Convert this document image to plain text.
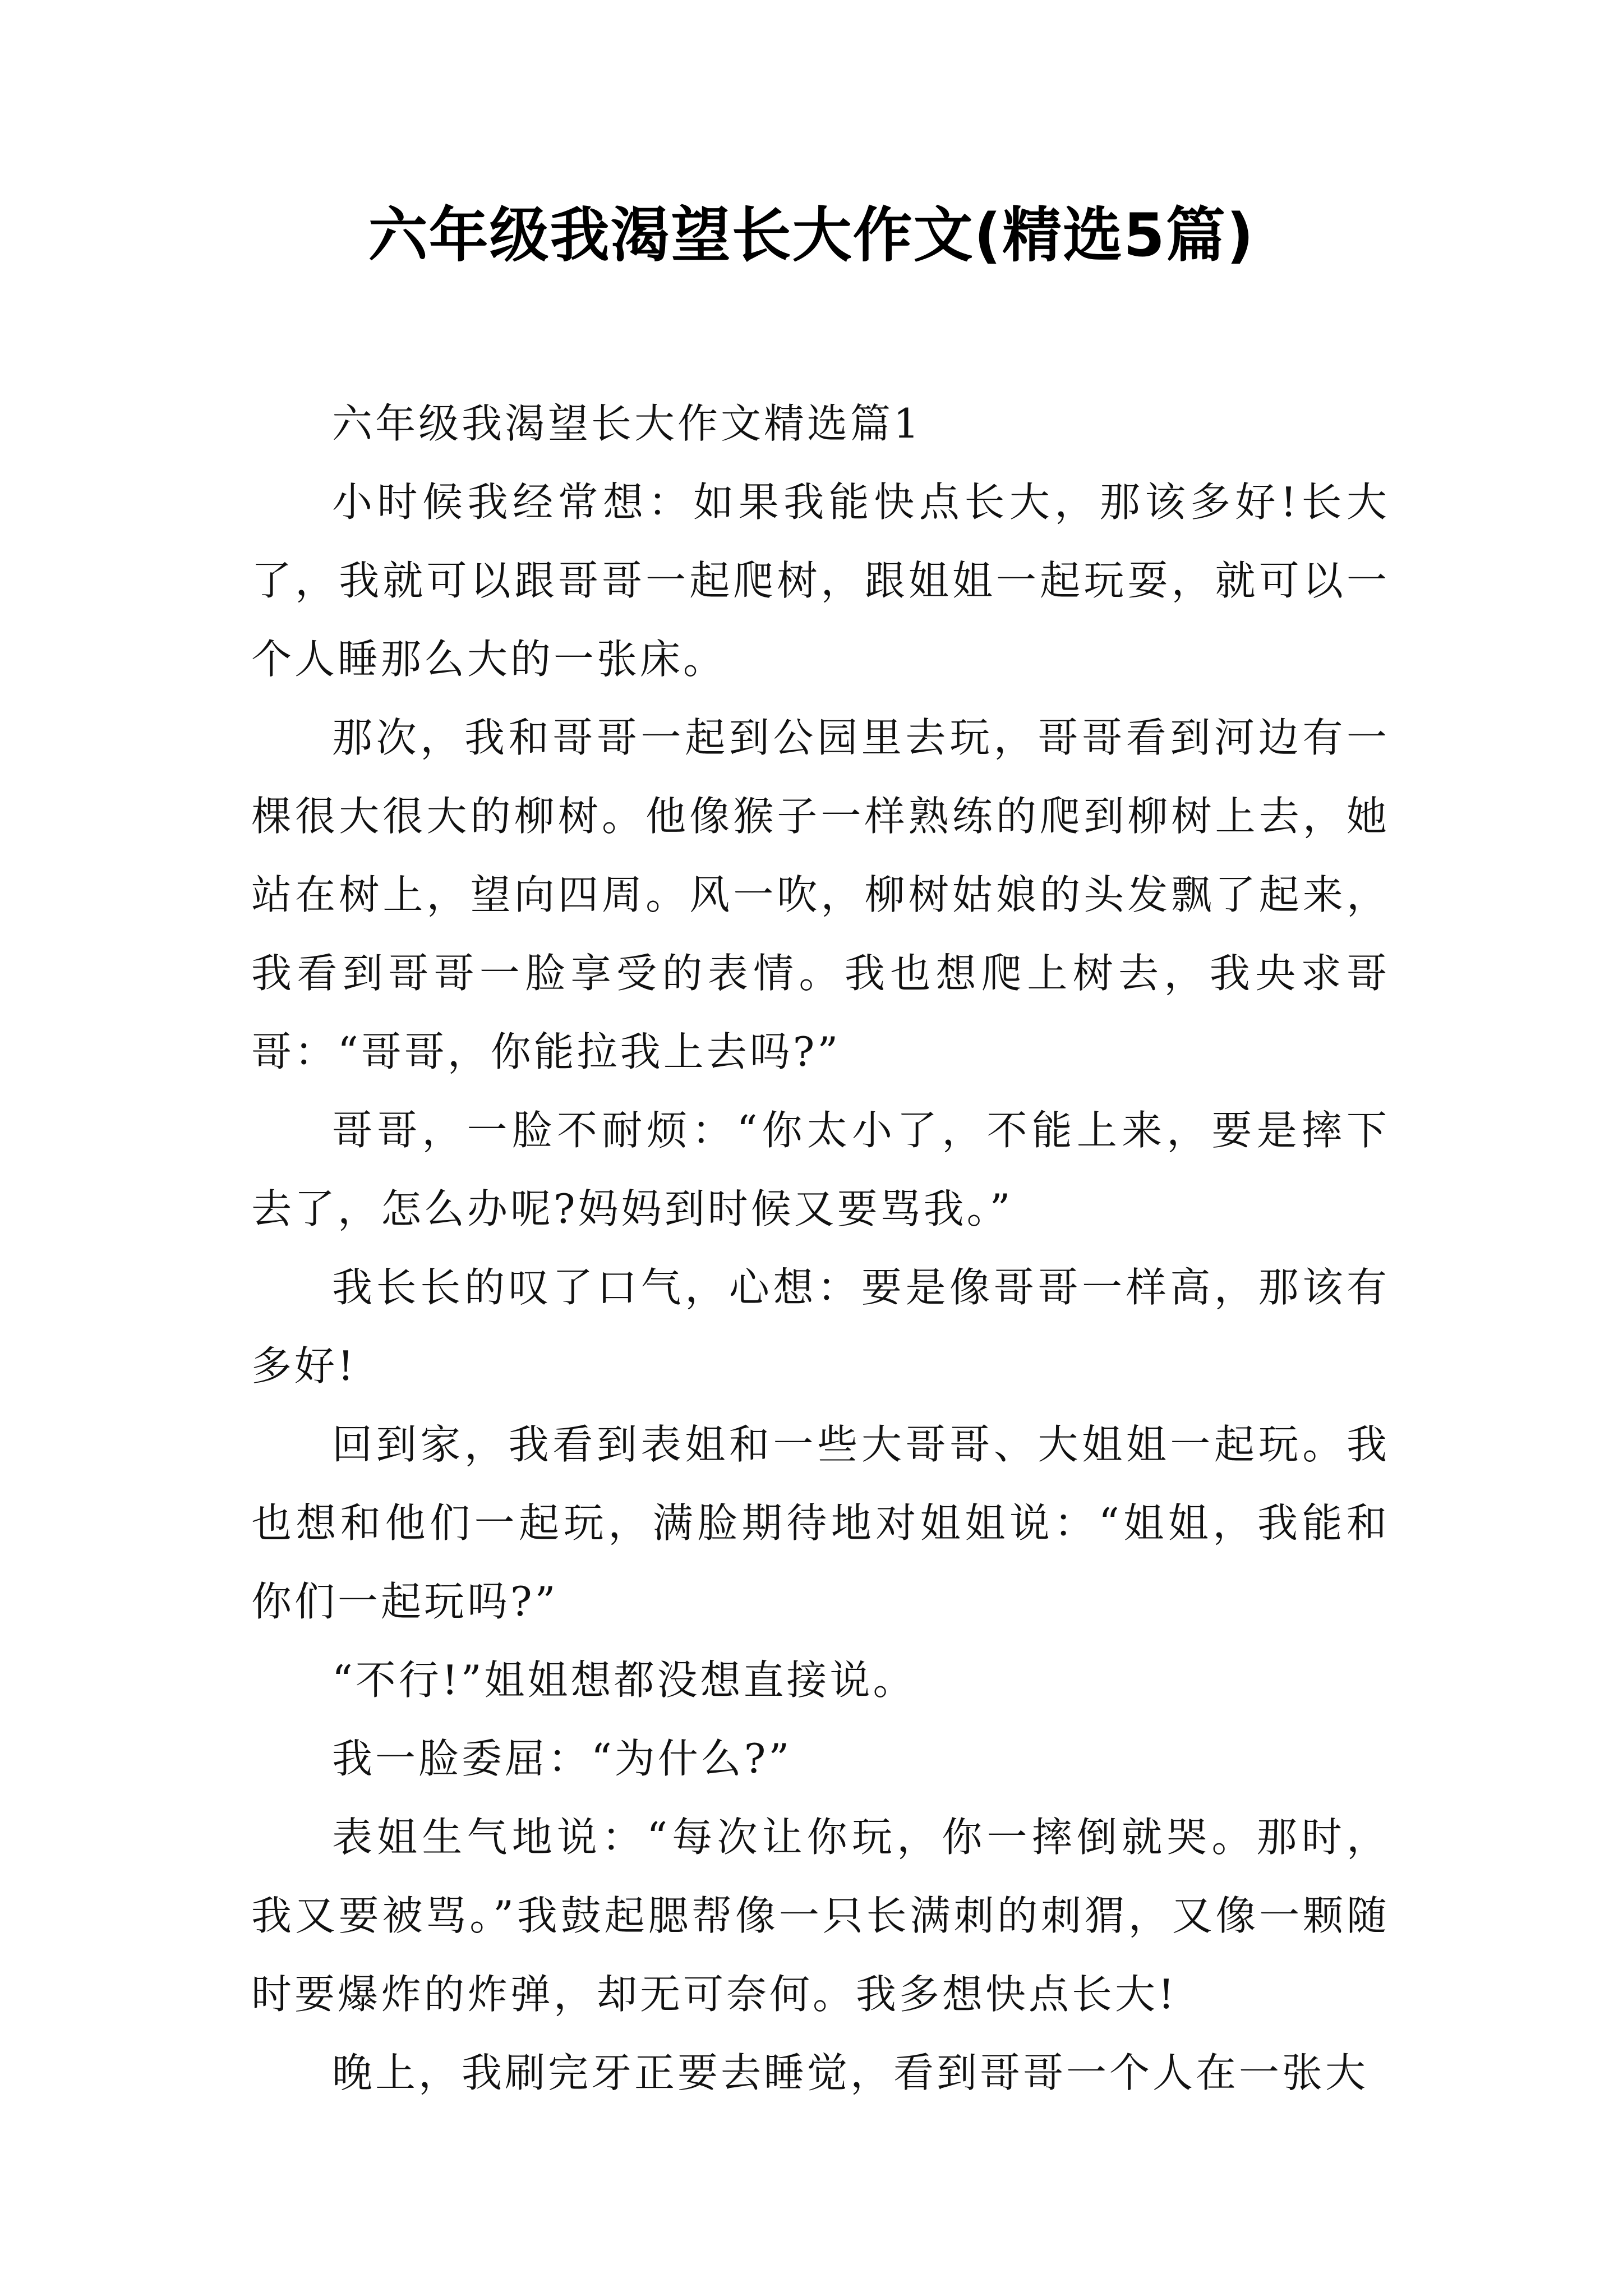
六年级我渴望长大作文(精选5篇)

六年级我渴望长大作文精选篇1

小时候我经常想：如果我能快点长大，那该多好!长大了，我就可以跟哥哥一起爬树，跟姐姐一起玩耍，就可以一个人睡那么大的一张床。

那次，我和哥哥一起到公园里去玩，哥哥看到河边有一棵很大很大的柳树。他像猴子一样熟练的爬到柳树上去，她站在树上，望向四周。风一吹，柳树姑娘的头发飘了起来，我看到哥哥一脸享受的表情。我也想爬上树去，我央求哥哥：“哥哥，你能拉我上去吗?”

哥哥，一脸不耐烦：“你太小了，不能上来，要是摔下去了，怎么办呢?妈妈到时候又要骂我。”

我长长的叹了口气，心想：要是像哥哥一样高，那该有多好!

回到家，我看到表姐和一些大哥哥、大姐姐一起玩。我也想和他们一起玩，满脸期待地对姐姐说：“姐姐，我能和你们一起玩吗?”

“不行!”姐姐想都没想直接说。

我一脸委屈：“为什么?”

表姐生气地说：“每次让你玩，你一摔倒就哭。那时，我又要被骂。”我鼓起腮帮像一只长满刺的刺猬，又像一颗随时要爆炸的炸弹，却无可奈何。我多想快点长大!

晚上，我刷完牙正要去睡觉，看到哥哥一个人在一张大
